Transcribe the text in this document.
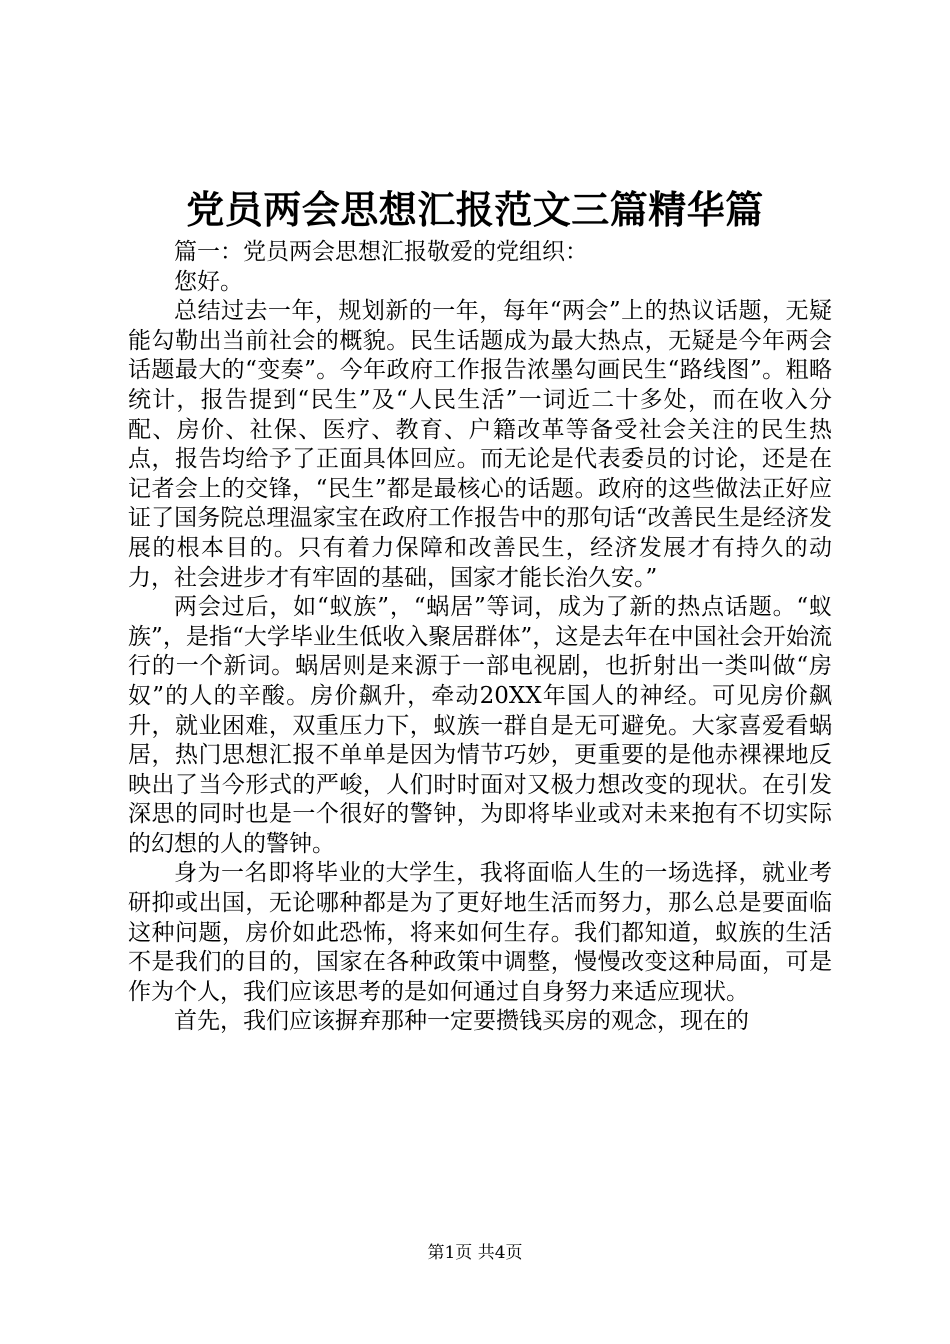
党员两会思想汇报范文三篇精华篇

篇一：党员两会思想汇报敬爱的党组织：

您好。

总结过去一年，规划新的一年，每年“两会”上的热议话题，无疑能勾勒出当前社会的概貌。民生话题成为最大热点，无疑是今年两会话题最大的“变奏”。今年政府工作报告浓墨勾画民生“路线图”。粗略统计，报告提到“民生”及“人民生活”一词近二十多处，而在收入分配、房价、社保、医疗、教育、户籍改革等备受社会关注的民生热点，报告均给予了正面具体回应。而无论是代表委员的讨论，还是在记者会上的交锋，“民生”都是最核心的话题。政府的这些做法正好应证了国务院总理温家宝在政府工作报告中的那句话“改善民生是经济发展的根本目的。只有着力保障和改善民生，经济发展才有持久的动力，社会进步才有牢固的基础，国家才能长治久安。”

两会过后，如“蚁族”，“蜗居”等词，成为了新的热点话题。“蚁族”，是指“大学毕业生低收入聚居群体”，这是去年在中国社会开始流行的一个新词。蜗居则是来源于一部电视剧，也折射出一类叫做“房奴”的人的辛酸。房价飙升，牵动20XX年国人的神经。可见房价飙升，就业困难，双重压力下，蚁族一群自是无可避免。大家喜爱看蜗居，热门思想汇报不单单是因为情节巧妙，更重要的是他赤裸裸地反映出了当今形式的严峻，人们时时面对又极力想改变的现状。在引发深思的同时也是一个很好的警钟，为即将毕业或对未来抱有不切实际的幻想的人的警钟。

身为一名即将毕业的大学生，我将面临人生的一场选择，就业考研抑或出国，无论哪种都是为了更好地生活而努力，那么总是要面临这种问题，房价如此恐怖，将来如何生存。我们都知道，蚁族的生活不是我们的目的，国家在各种政策中调整，慢慢改变这种局面，可是作为个人，我们应该思考的是如何通过自身努力来适应现状。

首先，我们应该摒弃那种一定要攒钱买房的观念，现在的

第1页 共4页
